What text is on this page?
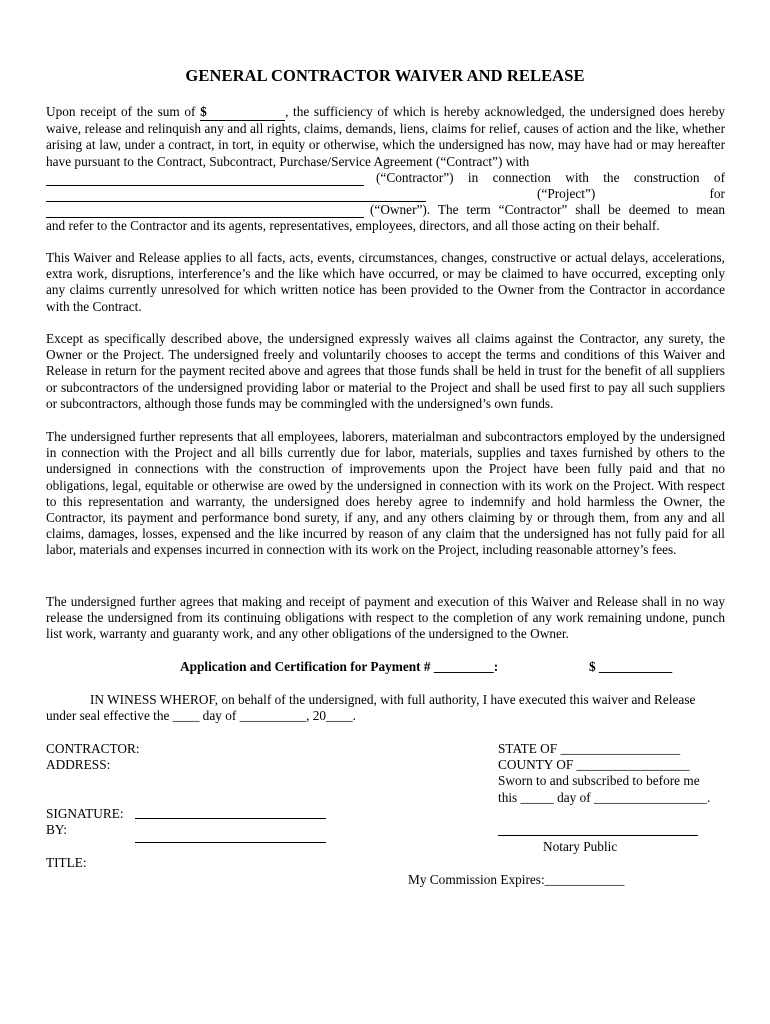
GENERAL CONTRACTOR WAIVER AND RELEASE

Upon receipt of the sum of $	, the sufficiency of which is hereby acknowledged, the undersigned does hereby waive, release and relinquish any and all rights, claims, demands, liens, claims for relief, causes of action and the like, whether arising at law, under a contract, in tort, in equity or otherwise, which the undersigned has now, may have had or may hereafter have pursuant to the Contract, Subcontract, Purchase/Service Agreement (“Contract”) with

(“Contractor”) in connection with the construction of
(“Project”)	for
(“Owner”). The term “Contractor” shall be deemed to mean

and refer to the Contractor and its agents, representatives, employees, directors, and all those acting on their behalf.

This Waiver and Release applies to all facts, acts, events, circumstances, changes, constructive or actual delays, accelerations, extra work, disruptions, interference’s and the like which have occurred, or may be claimed to have occurred, excepting only any claims currently unresolved for which written notice has been provided to the Owner from the Contractor in accordance with the Contract.

Except as specifically described above, the undersigned expressly waives all claims against the Contractor, any surety, the Owner or the Project. The undersigned freely and voluntarily chooses to accept the terms and conditions of this Waiver and Release in return for the payment recited above and agrees that those funds shall be held in trust for the benefit of all suppliers or subcontractors of the undersigned providing labor or material to the Project and shall be used first to pay all such suppliers or subcontractors, although those funds may be commingled with the undersigned’s own funds.

The undersigned further represents that all employees, laborers, materialman and subcontractors employed by the undersigned in connection with the Project and all bills currently due for labor, materials, supplies and taxes furnished by others to the undersigned in connections with the construction of improvements upon the Project have been fully paid and that no obligations, legal, equitable or otherwise are owed by the undersigned in connection with its work on the Project. With respect to this representation and warranty, the undersigned does hereby agree to indemnify and hold harmless the Owner, the Contractor, its payment and performance bond surety, if any, and any others claiming by or through them, from any and all claims, damages, losses, expensed and the like incurred by reason of any claim that the undersigned has not fully paid for all labor, materials and expenses incurred in connection with its work on the Project, including reasonable attorney’s fees.

The undersigned further agrees that making and receipt of payment and execution of this Waiver and Release shall in no way release the undersigned from its continuing obligations with respect to the completion of any work remaining undone, punch list work, warranty and guaranty work, and any other obligations of the undersigned to the Owner.

Application and Certification for Payment # _________:	$ ___________
IN WINESS WHEROF, on behalf of the undersigned, with full authority, I have executed this waiver and Release
under seal effective the ____ day of __________, 20____.
CONTRACTOR:
ADDRESS:
SIGNATURE:
BY:
TITLE:
STATE OF __________________
COUNTY OF _________________
Sworn to and subscribed to before me
this _____ day of _________________.
Notary Public
My Commission Expires:____________
